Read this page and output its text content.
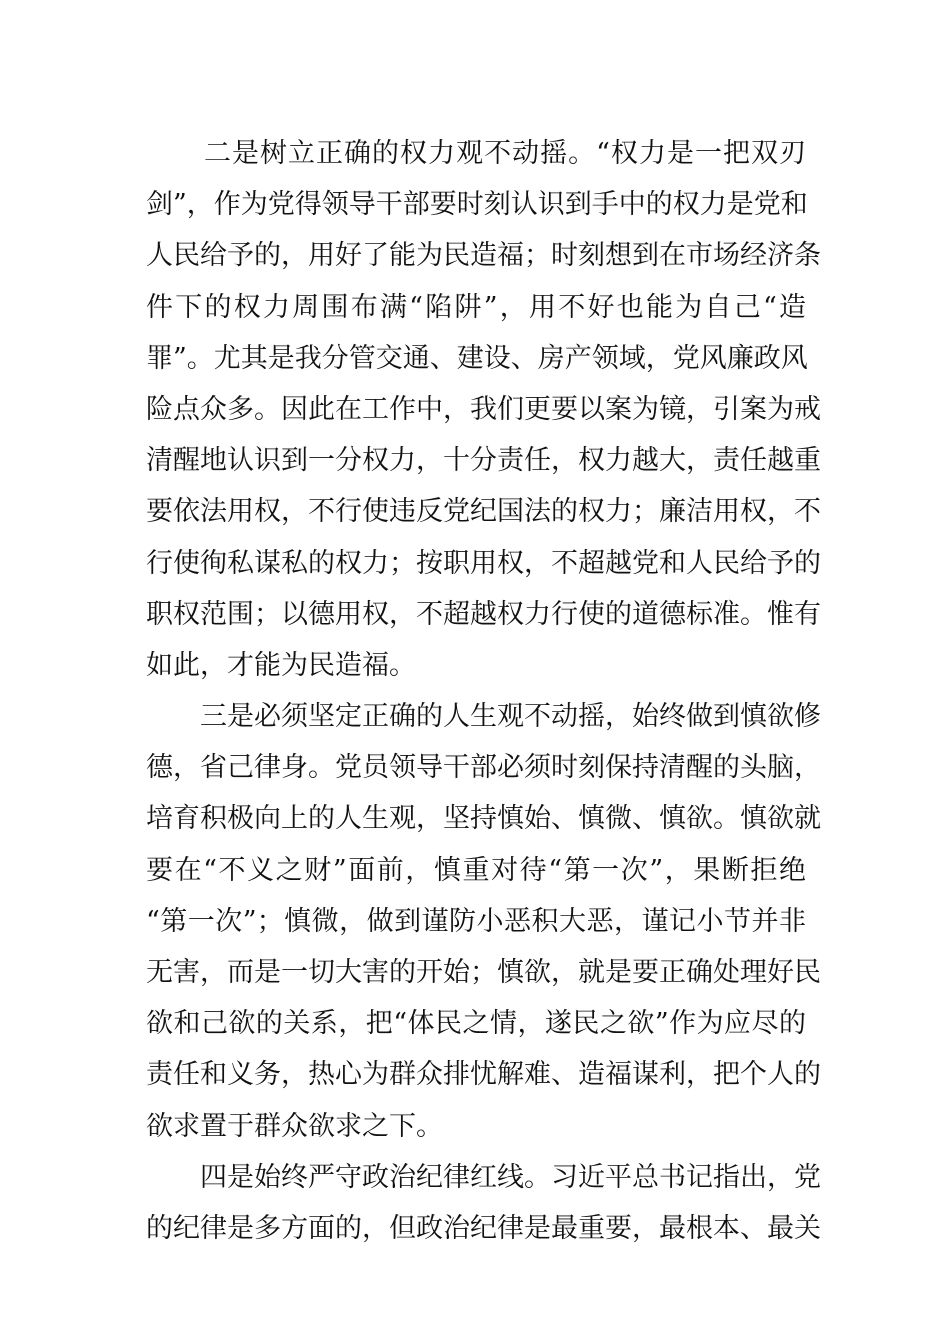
二是树立正确的权力观不动摇。“权力是一把双刃
剑”，作为党得领导干部要时刻认识到手中的权力是党和
人民给予的，用好了能为民造福；时刻想到在市场经济条
件下的权力周围布满“陷阱”，用不好也能为自己“造
罪”。尤其是我分管交通、建设、房产领域，党风廉政风
险点众多。因此在工作中，我们更要以案为镜，引案为戒
清醒地认识到一分权力，十分责任，权力越大，责任越重
要依法用权，不行使违反党纪国法的权力；廉洁用权，不
行使徇私谋私的权力；按职用权，不超越党和人民给予的
职权范围；以德用权，不超越权力行使的道德标准。惟有
如此，才能为民造福。
三是必须坚定正确的人生观不动摇，始终做到慎欲修
德，省己律身。党员领导干部必须时刻保持清醒的头脑，
培育积极向上的人生观，坚持慎始、慎微、慎欲。慎欲就
要在“不义之财”面前，慎重对待“第一次”，果断拒绝
“第一次”；慎微，做到谨防小恶积大恶，谨记小节并非
无害，而是一切大害的开始；慎欲，就是要正确处理好民
欲和己欲的关系，把“体民之情，遂民之欲”作为应尽的
责任和义务，热心为群众排忧解难、造福谋利，把个人的
欲求置于群众欲求之下。
四是始终严守政治纪律红线。习近平总书记指出，党
的纪律是多方面的，但政治纪律是最重要，最根本、最关
